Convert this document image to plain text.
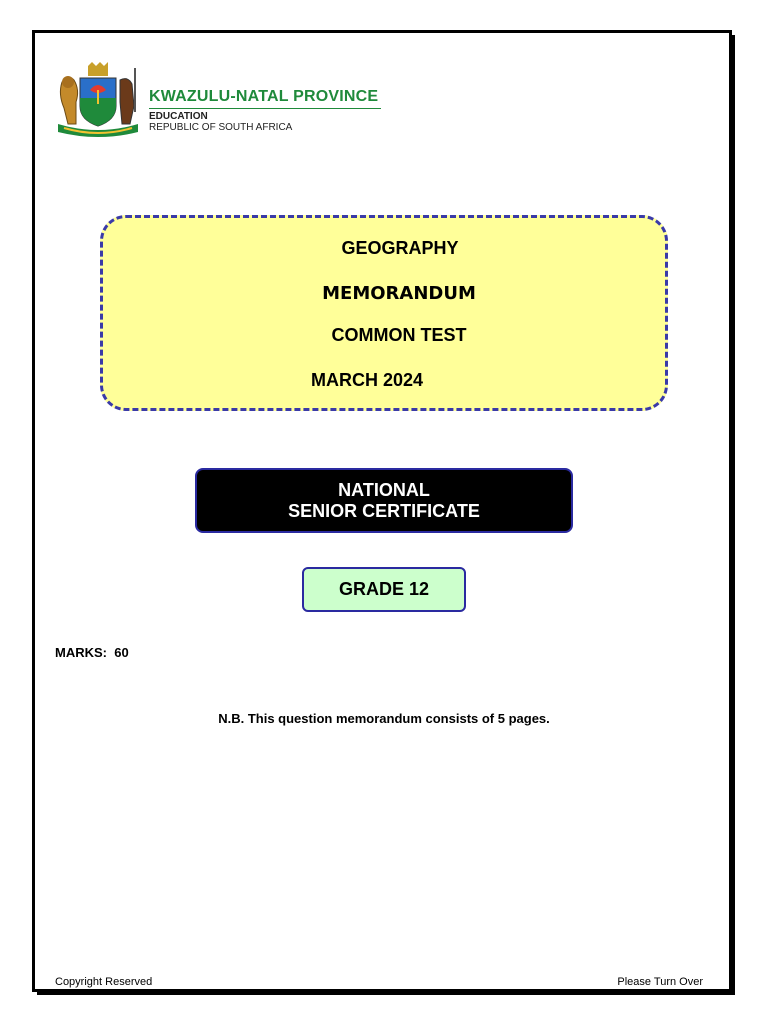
KWAZULU-NATAL PROVINCE
EDUCATION
REPUBLIC OF SOUTH AFRICA
GEOGRAPHY
MEMORANDUM
COMMON TEST
MARCH 2024
NATIONAL
SENIOR CERTIFICATE
GRADE 12
MARKS:  60
N.B. This question memorandum consists of 5 pages.
Copyright Reserved	Please Turn Over
